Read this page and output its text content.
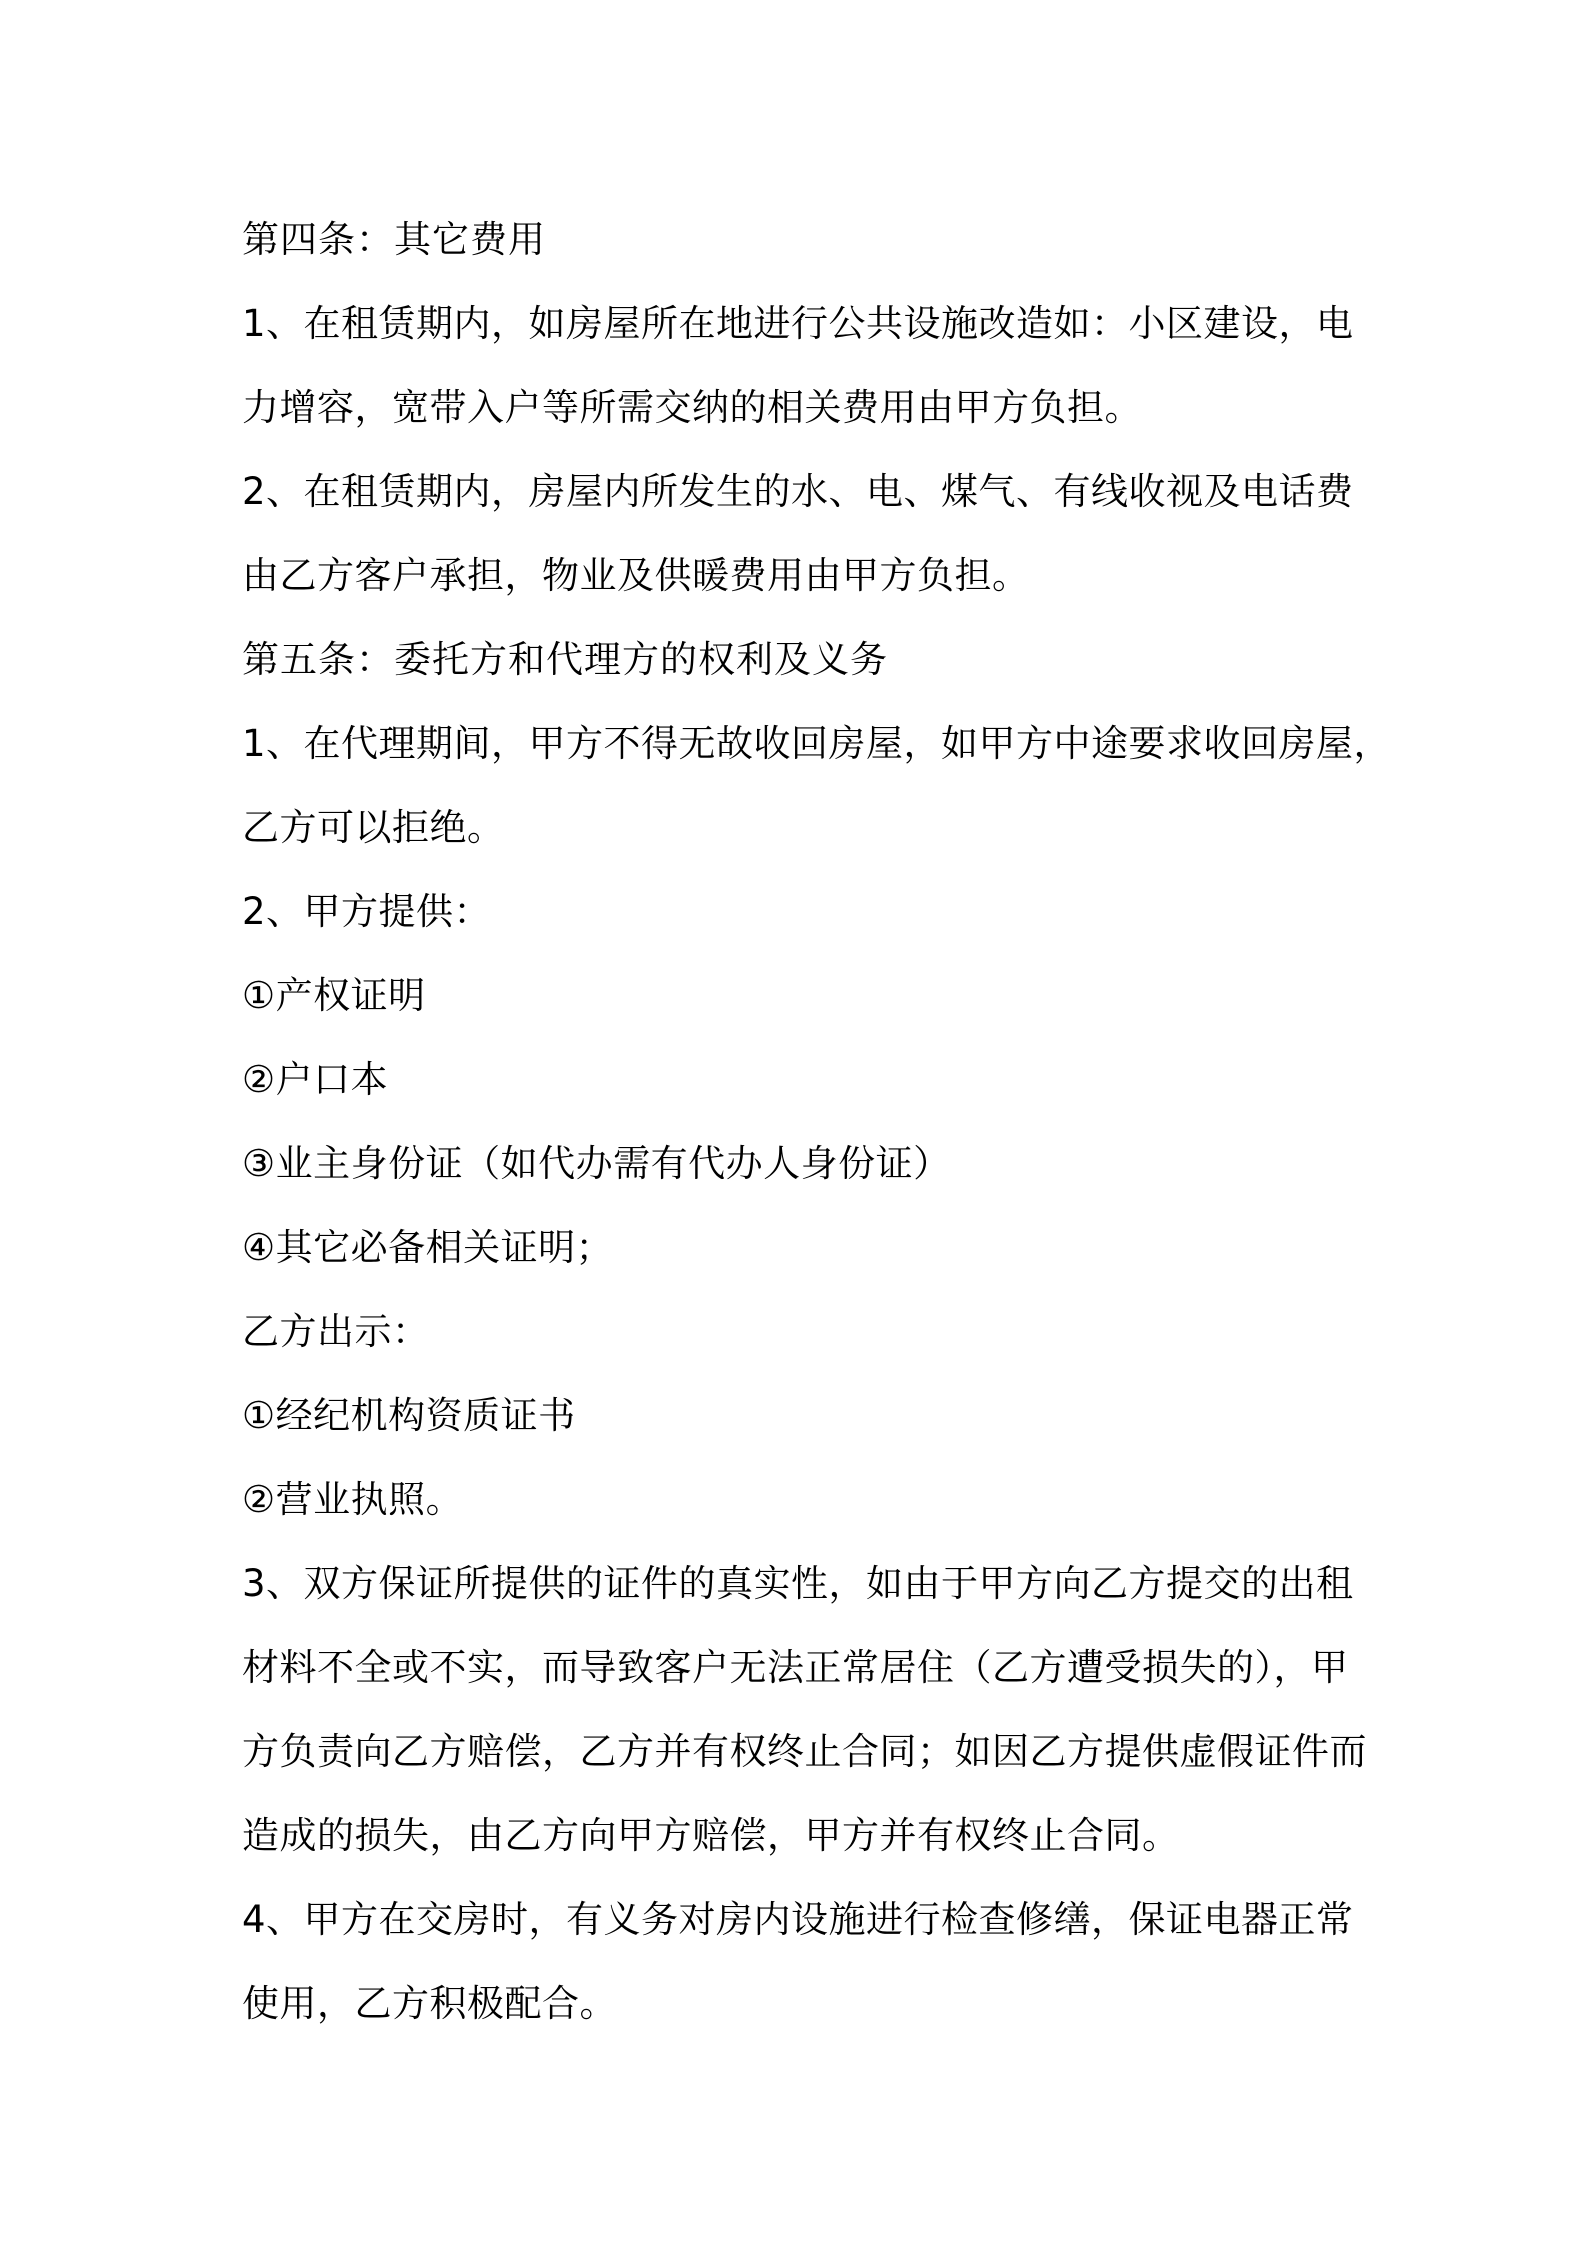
第四条：其它费用
1、在租赁期内，如房屋所在地进行公共设施改造如：小区建设，电
力增容，宽带入户等所需交纳的相关费用由甲方负担。
2、在租赁期内，房屋内所发生的水、电、煤气、有线收视及电话费
由乙方客户承担，物业及供暖费用由甲方负担。
第五条：委托方和代理方的权利及义务
1、在代理期间，甲方不得无故收回房屋，如甲方中途要求收回房屋，
乙方可以拒绝。
2、甲方提供：
①产权证明
②户口本
③业主身份证（如代办需有代办人身份证）
④其它必备相关证明；
乙方出示：
①经纪机构资质证书
②营业执照。
3、双方保证所提供的证件的真实性，如由于甲方向乙方提交的出租
材料不全或不实，而导致客户无法正常居住（乙方遭受损失的），甲
方负责向乙方赔偿，乙方并有权终止合同；如因乙方提供虚假证件而
造成的损失，由乙方向甲方赔偿，甲方并有权终止合同。
4、甲方在交房时，有义务对房内设施进行检查修缮，保证电器正常
使用，乙方积极配合。
